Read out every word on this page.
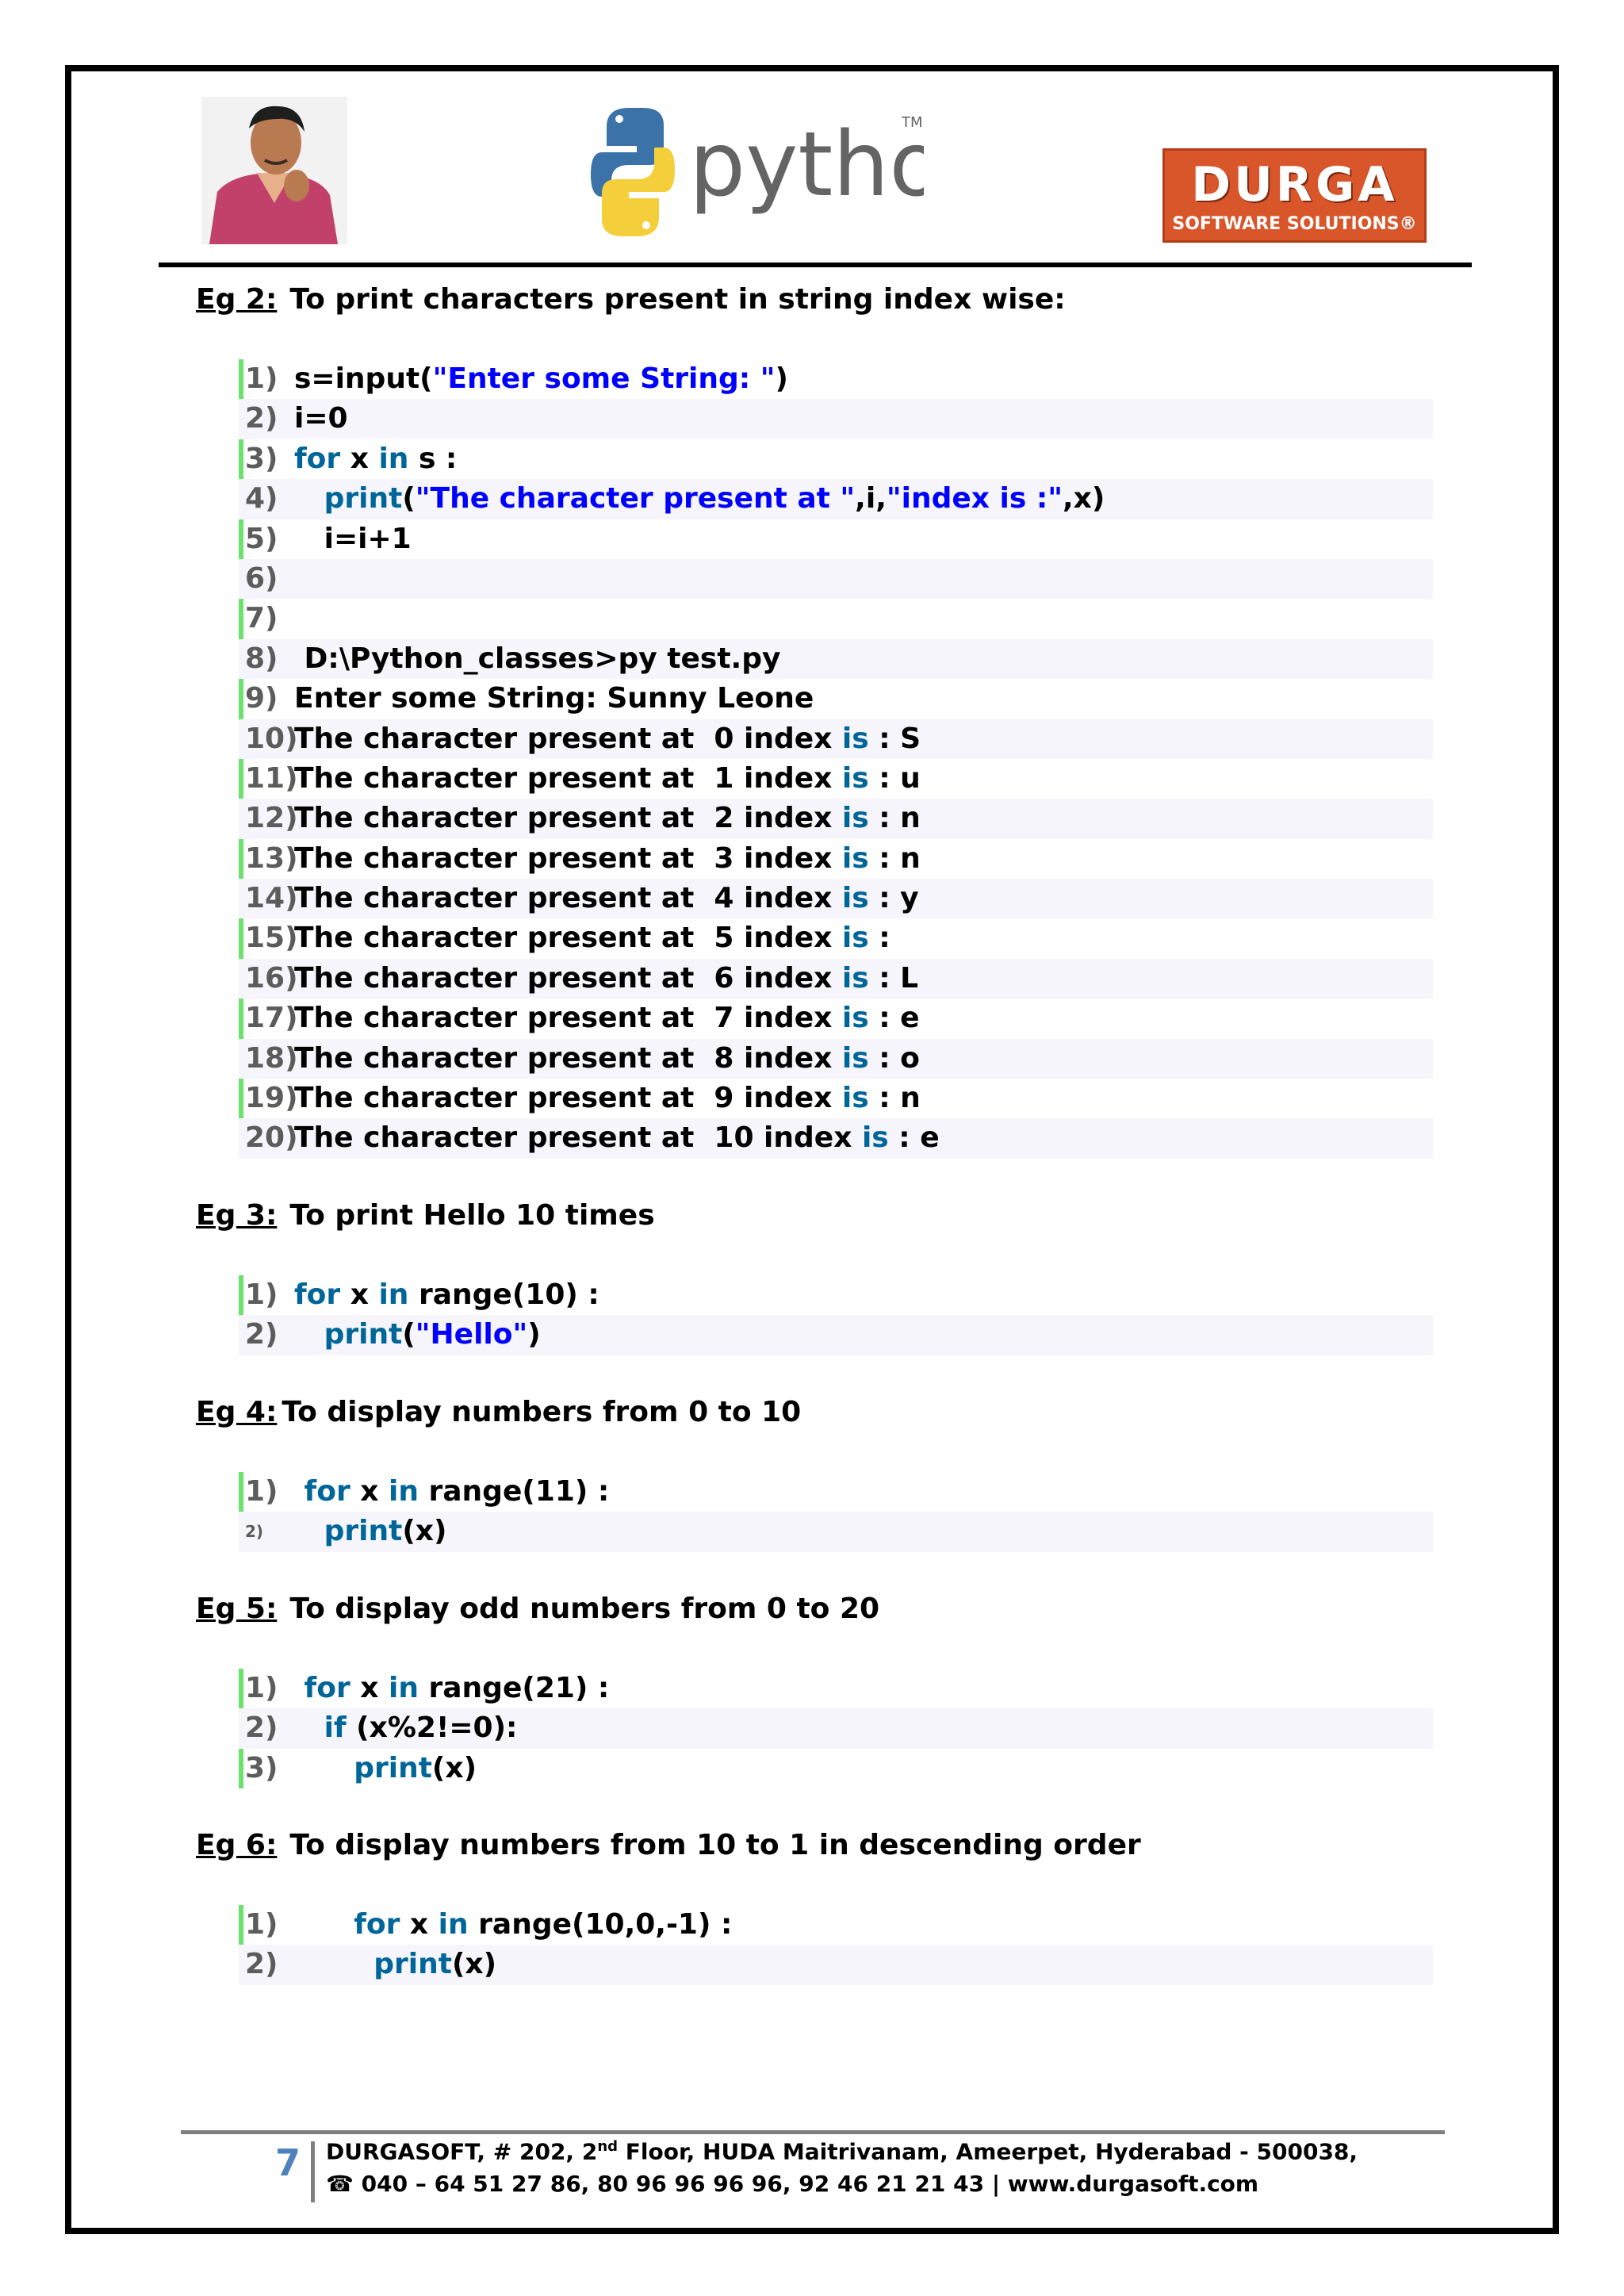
pytho
TM
DURGA
SOFTWARE SOLUTIONS®
Eg 2: To print characters present in string index wise:
1) s=input("Enter some String: ")
2) i=0
3) for x in s :
4)	print("The character present at ",i,"index is :",x)
5) i=i+1
6)
7)
8) D:\Python_classes>py test.py
9) Enter some String: Sunny Leone
10)
The character present at  0 index is : S
11)
The character present at  1 index is : u
12)
The character present at  2 index is : n
13)
The character present at  3 index is : n
14)
The character present at  4 index is : y
15)
The character present at  5 index is :
16)
The character present at  6 index is : L
17)
The character present at  7 index is : e
18)
The character present at  8 index is : o
19)
The character present at  9 index is : n
20)
The character present at  10 index is : e
Eg 3: To print Hello 10 times
1) for x in range(10) :
2)	print("Hello")
Eg 4: To display numbers from 0 to 10
1) for x in range(11) :
2)	print(x)
Eg 5: To display odd numbers from 0 to 20
1) for x in range(21) :
2)	if (x%2!=0):
3)	print(x)
Eg 6: To display numbers from 10 to 1 in descending order
1)	for x in range(10,0,-1) :
2)	print(x)
7	DURGASOFT, # 202, 2nd Floor, HUDA Maitrivanam, Ameerpet, Hyderabad - 500038,
☎ 040 – 64 51 27 86, 80 96 96 96 96, 92 46 21 21 43 | www.durgasoft.com
